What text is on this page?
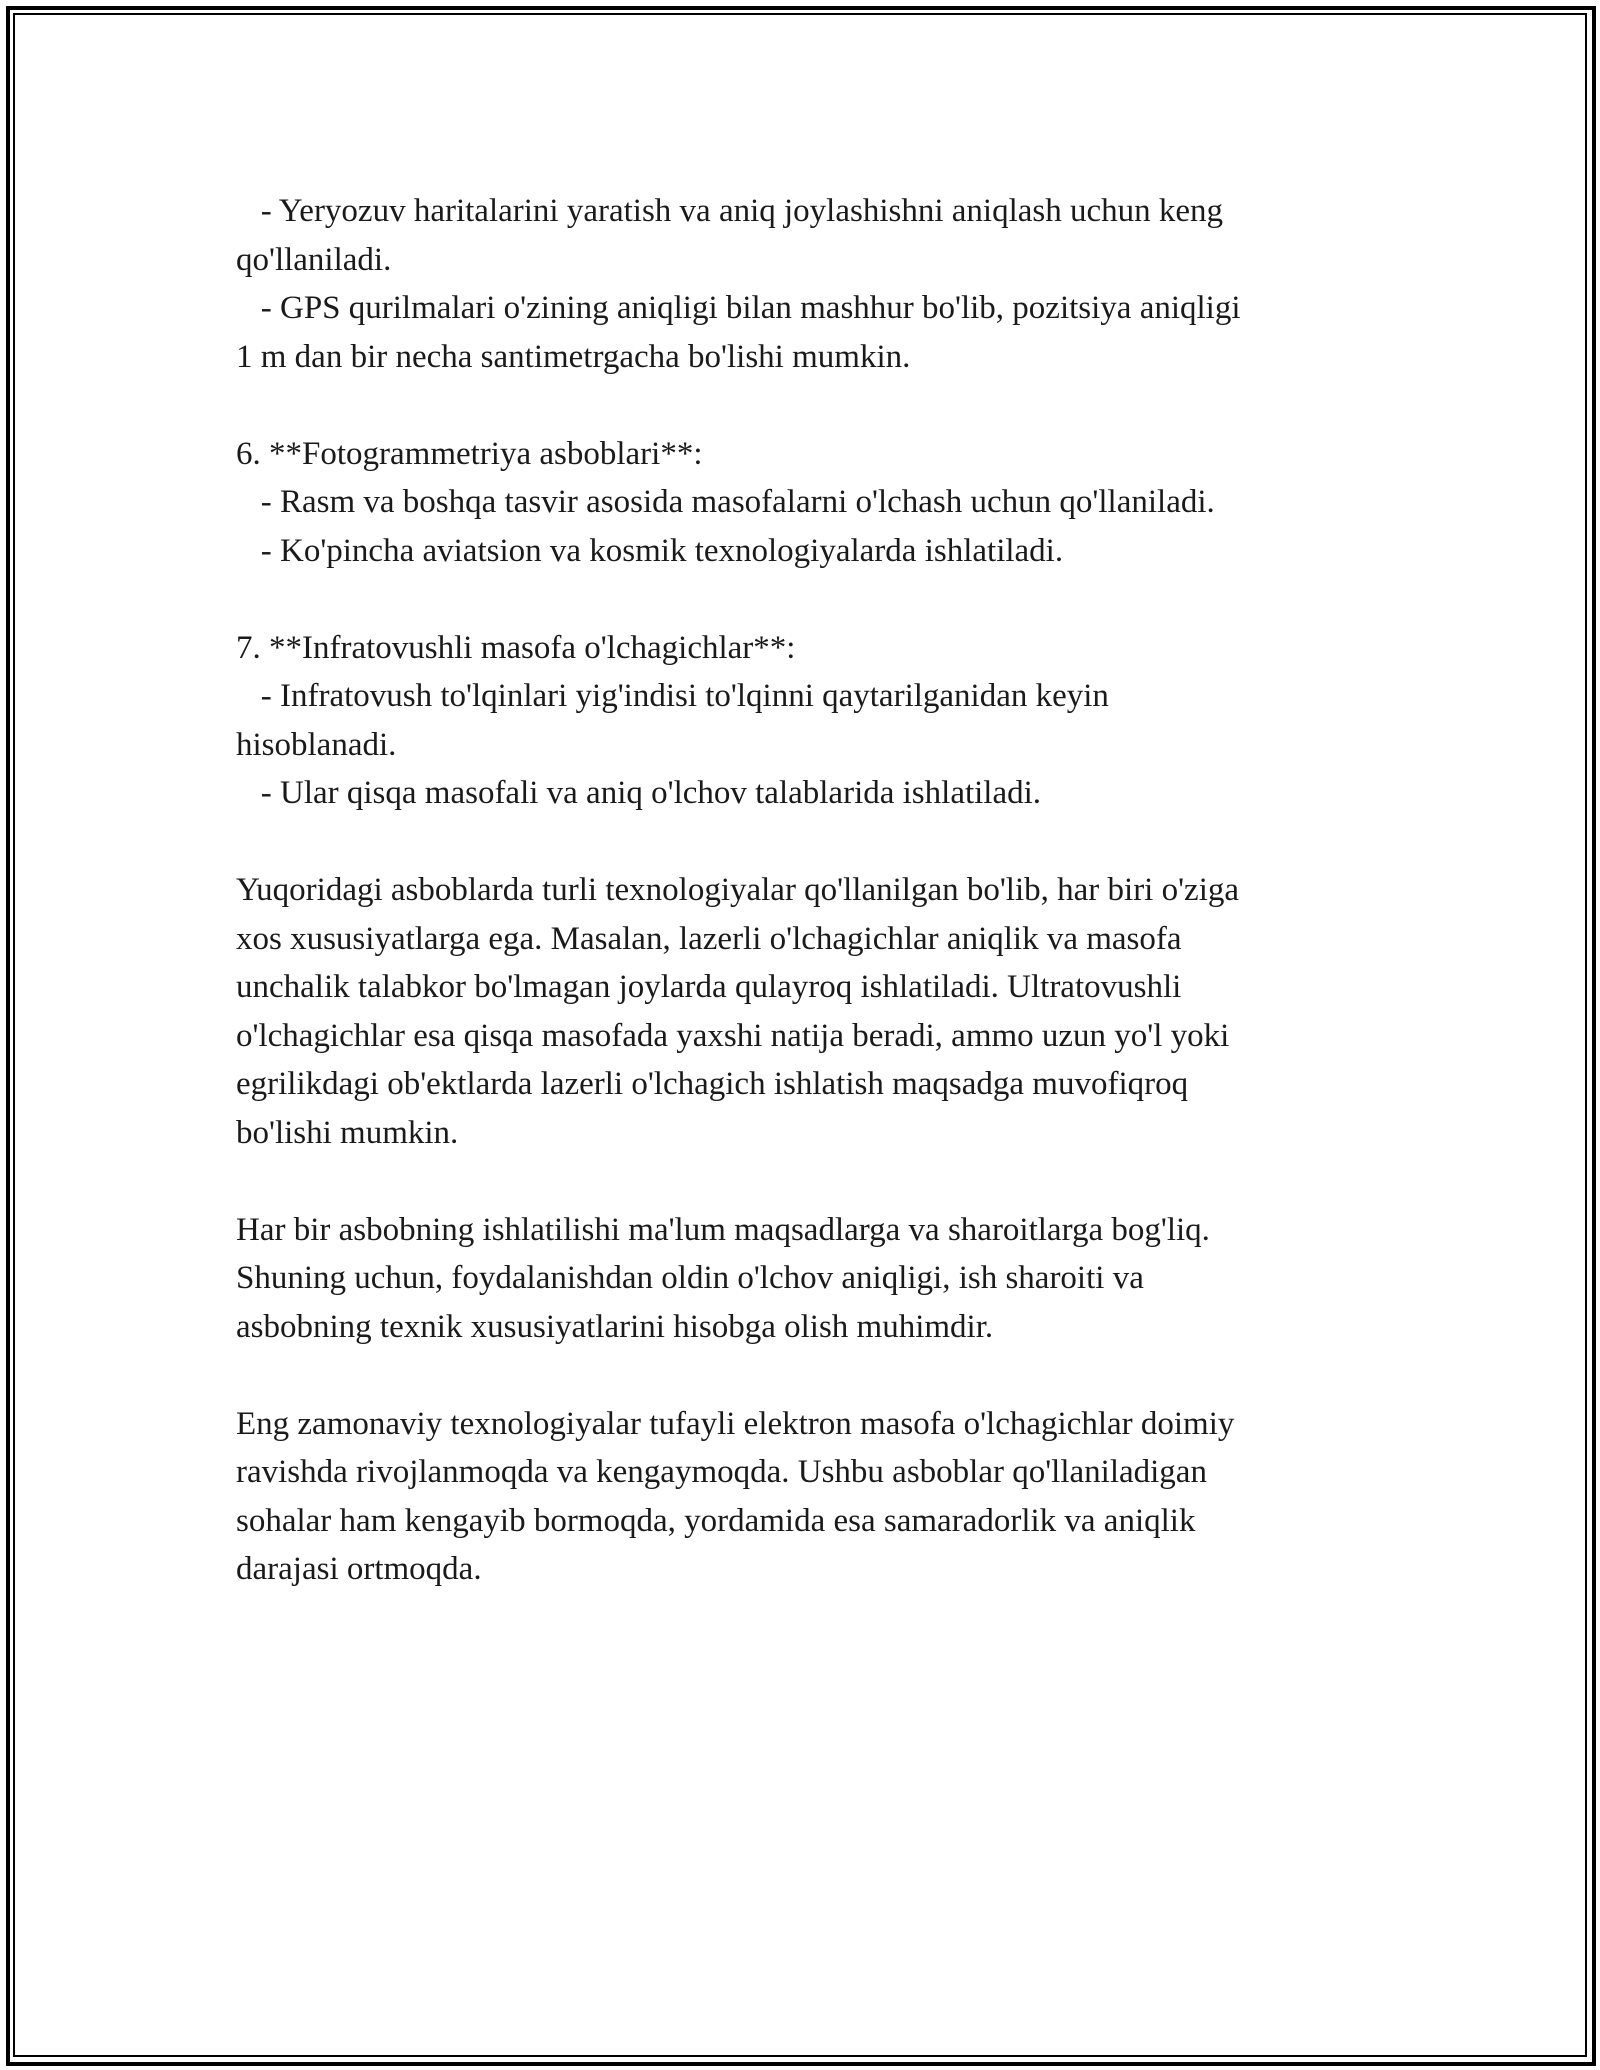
- Yeryozuv haritalarini yaratish va aniq joylashishni aniqlash uchun keng
qo'llaniladi.
- GPS qurilmalari o'zining aniqligi bilan mashhur bo'lib, pozitsiya aniqligi
1 m dan bir necha santimetrgacha bo'lishi mumkin.
6. **Fotogrammetriya asboblari**:
- Rasm va boshqa tasvir asosida masofalarni o'lchash uchun qo'llaniladi.
- Ko'pincha aviatsion va kosmik texnologiyalarda ishlatiladi.
7. **Infratovushli masofa o'lchagichlar**:
- Infratovush to'lqinlari yig'indisi to'lqinni qaytarilganidan keyin
hisoblanadi.
- Ular qisqa masofali va aniq o'lchov talablarida ishlatiladi.
Yuqoridagi asboblarda turli texnologiyalar qo'llanilgan bo'lib, har biri o'ziga
xos xususiyatlarga ega. Masalan, lazerli o'lchagichlar aniqlik va masofa
unchalik talabkor bo'lmagan joylarda qulayroq ishlatiladi. Ultratovushli
o'lchagichlar esa qisqa masofada yaxshi natija beradi, ammo uzun yo'l yoki
egrilikdagi ob'ektlarda lazerli o'lchagich ishlatish maqsadga muvofiqroq
bo'lishi mumkin.
Har bir asbobning ishlatilishi ma'lum maqsadlarga va sharoitlarga bog'liq.
Shuning uchun, foydalanishdan oldin o'lchov aniqligi, ish sharoiti va
asbobning texnik xususiyatlarini hisobga olish muhimdir.
Eng zamonaviy texnologiyalar tufayli elektron masofa o'lchagichlar doimiy
ravishda rivojlanmoqda va kengaymoqda. Ushbu asboblar qo'llaniladigan
sohalar ham kengayib bormoqda, yordamida esa samaradorlik va aniqlik
darajasi ortmoqda.
